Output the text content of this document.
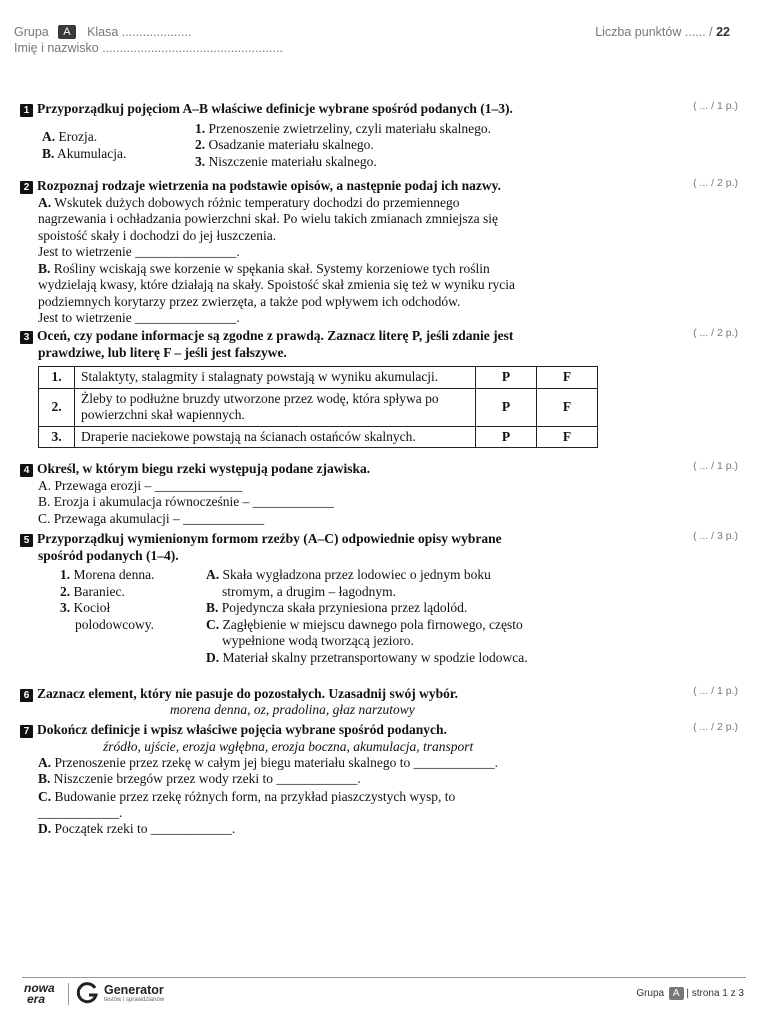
Grupa A Klasa ....................
Imię i nazwisko ....................................................
Liczba punktów ...... / 22
1 Przyporządkuj pojęciom A–B właściwe definicje wybrane spośród podanych (1–3).	( ... / 1 p.)
A. Erozja.
B. Akumulacja.
1. Przenoszenie zwietrzeliny, czyli materiału skalnego.
2. Osadzanie materiału skalnego.
3. Niszczenie materiału skalnego.
2 Rozpoznaj rodzaje wietrzenia na podstawie opisów, a następnie podaj ich nazwy.
A. Wskutek dużych dobowych różnic temperatury dochodzi do przemiennego
nagrzewania i ochładzania powierzchni skał. Po wielu takich zmianach zmniejsza się
spoistość skały i dochodzi do jej łuszczenia.
Jest to wietrzenie _______________.
B. Rośliny wciskają swe korzenie w spękania skał. Systemy korzeniowe tych roślin
wydzielają kwasy, które działają na skały. Spoistość skał zmienia się też w wyniku rycia
podziemnych korytarzy przez zwierzęta, a także pod wpływem ich odchodów.
Jest to wietrzenie _______________.
( ... / 2 p.)
3 Oceń, czy podane informacje są zgodne z prawdą. Zaznacz literę P, jeśli zdanie jest
prawdziwe, lub literę F – jeśli jest fałszywe.
( ... / 2 p.)
1.	Stalaktyty, stalagmity i stalagnaty powstają w wyniku akumulacji.	P	F
2.	Żleby to podłużne bruzdy utworzone przez wodę, która spływa po
powierzchni skał wapiennych.	P	F
3.	Draperie naciekowe powstają na ścianach ostańców skalnych.	P	F
4 Określ, w którym biegu rzeki występują podane zjawiska.
A. Przewaga erozji – _____________
B. Erozja i akumulacja równocześnie – ____________
C. Przewaga akumulacji – ____________
( ... / 1 p.)
5 Przyporządkuj wymienionym formom rzeźby (A–C) odpowiednie opisy wybrane
spośród podanych (1–4).
( ... / 3 p.)
1. Morena denna.
2. Baraniec.
3. Kocioł
polodowcowy.
A. Skała wygładzona przez lodowiec o jednym boku
stromym, a drugim – łagodnym.
B. Pojedyncza skała przyniesiona przez lądolód.
C. Zagłębienie w miejscu dawnego pola firnowego, często
wypełnione wodą tworzącą jezioro.
D. Materiał skalny przetransportowany w spodzie lodowca.
6 Zaznacz element, który nie pasuje do pozostałych. Uzasadnij swój wybór.	( ... / 1 p.)
morena denna, oz, pradolina, głaz narzutowy
7 Dokończ definicje i wpisz właściwe pojęcia wybrane spośród podanych.	( ... / 2 p.)
źródło, ujście, erozja wgłębna, erozja boczna, akumulacja, transport
A. Przenoszenie przez rzekę w całym jej biegu materiału skalnego to ____________.
B. Niszczenie brzegów przez wody rzeki to ____________.
C. Budowanie przez rzekę różnych form, na przykład piaszczystych wysp, to
____________.
D. Początek rzeki to ____________.
nowa
era
Generator
testów i sprawdzianów
Grupa A | strona 1 z 3
